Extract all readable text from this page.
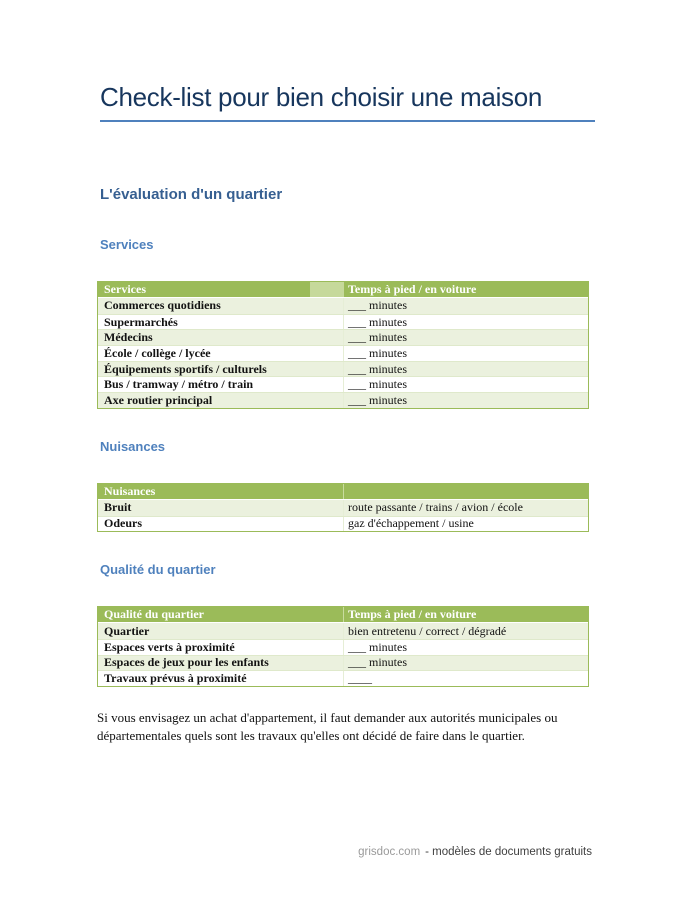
Check-list pour bien choisir une maison
L'évaluation d'un quartier
Services
Services	Temps à pied / en voiture
Commerces quotidiens	___ minutes
Supermarchés	___ minutes
Médecins	___ minutes
École / collège / lycée	___ minutes
Équipements sportifs / culturels	___ minutes
Bus / tramway / métro / train	___ minutes
Axe routier principal	___ minutes
Nuisances
Nuisances
Bruit	route passante / trains / avion / école
Odeurs	gaz d'échappement / usine
Qualité du quartier
Qualité du quartier	Temps à pied / en voiture
Quartier	bien entretenu / correct / dégradé
Espaces verts à proximité	___ minutes
Espaces de jeux pour les enfants	___ minutes
Travaux prévus à proximité	____

Si vous envisagez un achat d'appartement, il faut demander aux autorités municipales ou départementales quels sont les travaux qu'elles ont décidé de faire dans le quartier.

grisdoc.com - modèles de documents gratuits
